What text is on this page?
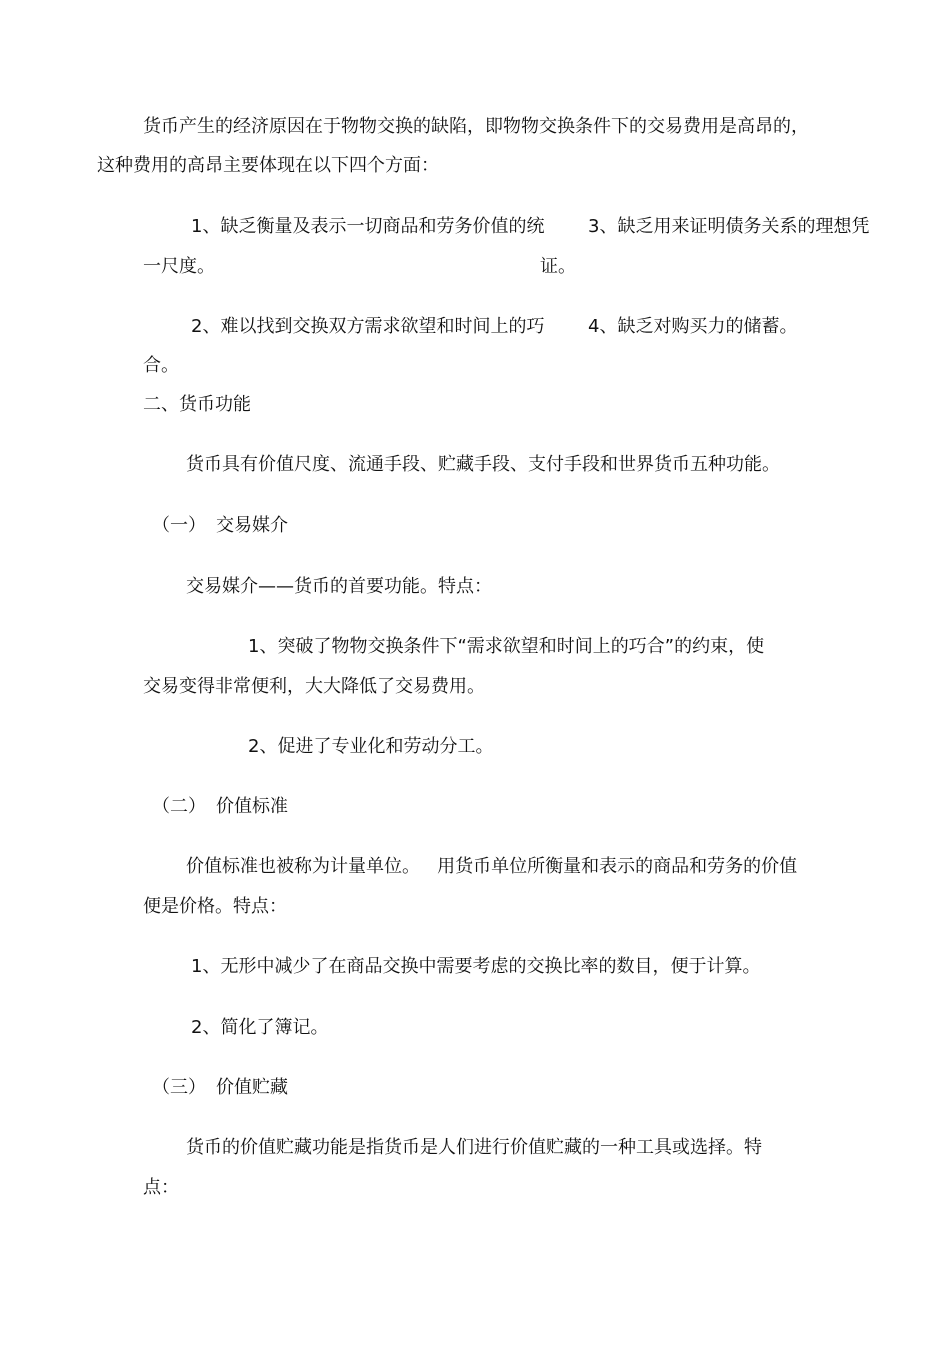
货币产生的经济原因在于物物交换的缺陷，即物物交换条件下的交易费用是高昂的，
这种费用的高昂主要体现在以下四个方面：
1、缺乏衡量及表示一切商品和劳务价值的统
一尺度。
3、缺乏用来证明债务关系的理想凭
证。
2、难以找到交换双方需求欲望和时间上的巧
合。
4、缺乏对购买力的储蓄。
二、货币功能
货币具有价值尺度、流通手段、贮藏手段、支付手段和世界货币五种功能。
（一） 交易媒介
交易媒介——货币的首要功能。特点：
1、突破了物物交换条件下“需求欲望和时间上的巧合”的约束，使
交易变得非常便利，大大降低了交易费用。
2、促进了专业化和劳动分工。
（二） 价值标准
价值标准也被称为计量单位。   用货币单位所衡量和表示的商品和劳务的价值
便是价格。特点：
1、无形中减少了在商品交换中需要考虑的交换比率的数目，便于计算。
2、简化了簿记。
（三） 价值贮藏
货币的价值贮藏功能是指货币是人们进行价值贮藏的一种工具或选择。特
点：
